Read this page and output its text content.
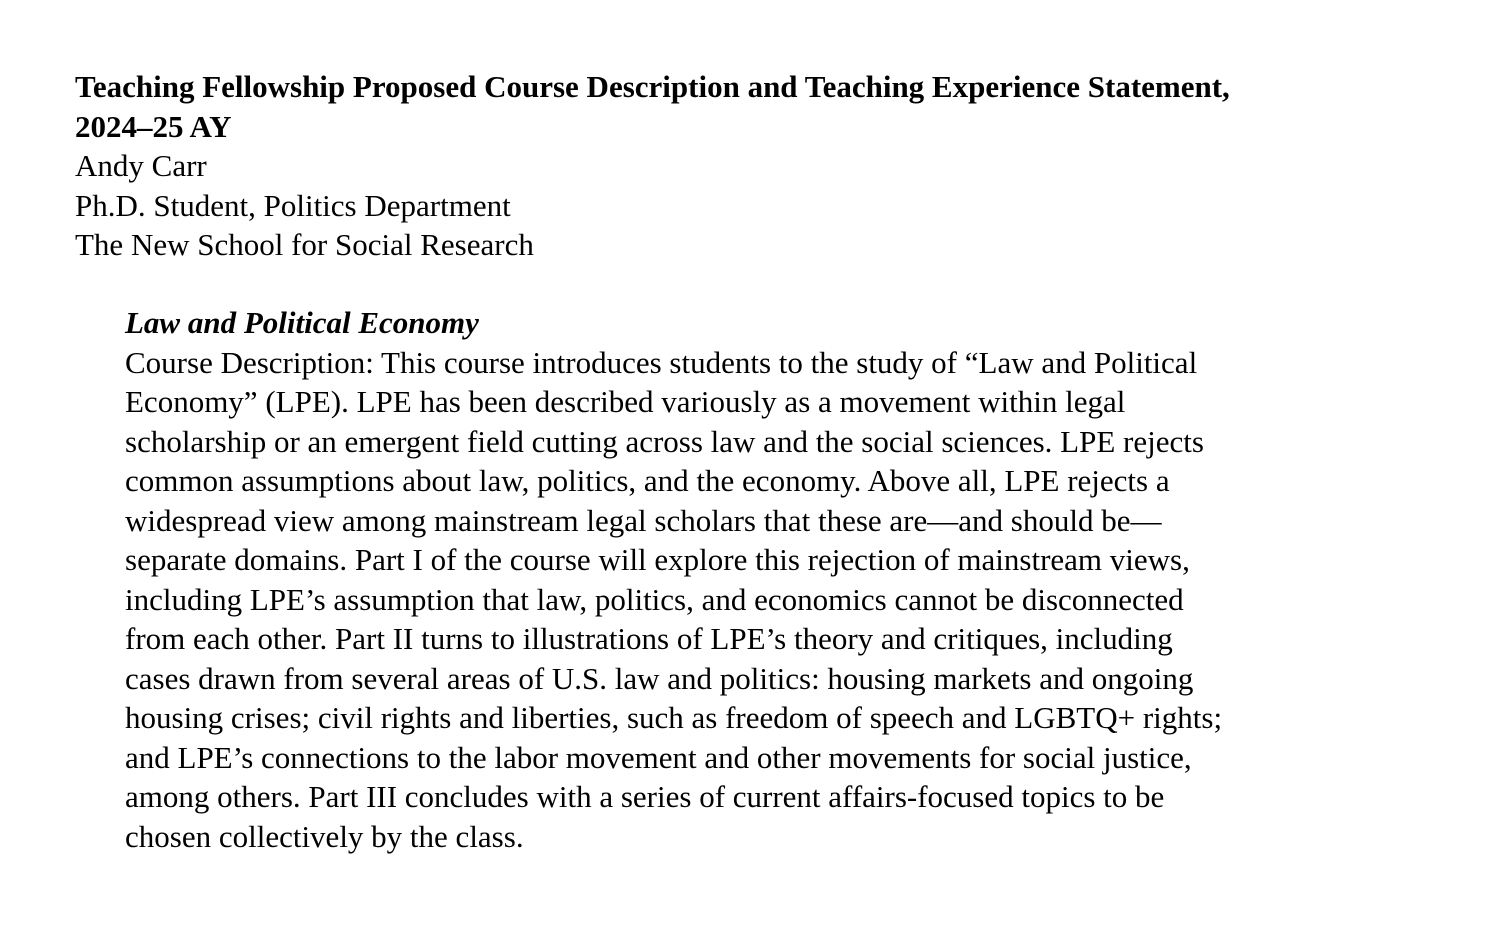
Teaching Fellowship Proposed Course Description and Teaching Experience Statement,
2024–25 AY

Andy Carr

Ph.D. Student, Politics Department

The New School for Social Research

Law and Political Economy

Course Description: This course introduces students to the study of “Law and Political
Economy” (LPE). LPE has been described variously as a movement within legal
scholarship or an emergent field cutting across law and the social sciences. LPE rejects
common assumptions about law, politics, and the economy. Above all, LPE rejects a
widespread view among mainstream legal scholars that these are—and should be—
separate domains. Part I of the course will explore this rejection of mainstream views,
including LPE’s assumption that law, politics, and economics cannot be disconnected
from each other. Part II turns to illustrations of LPE’s theory and critiques, including
cases drawn from several areas of U.S. law and politics: housing markets and ongoing
housing crises; civil rights and liberties, such as freedom of speech and LGBTQ+ rights;
and LPE’s connections to the labor movement and other movements for social justice,
among others. Part III concludes with a series of current affairs-focused topics to be
chosen collectively by the class.
